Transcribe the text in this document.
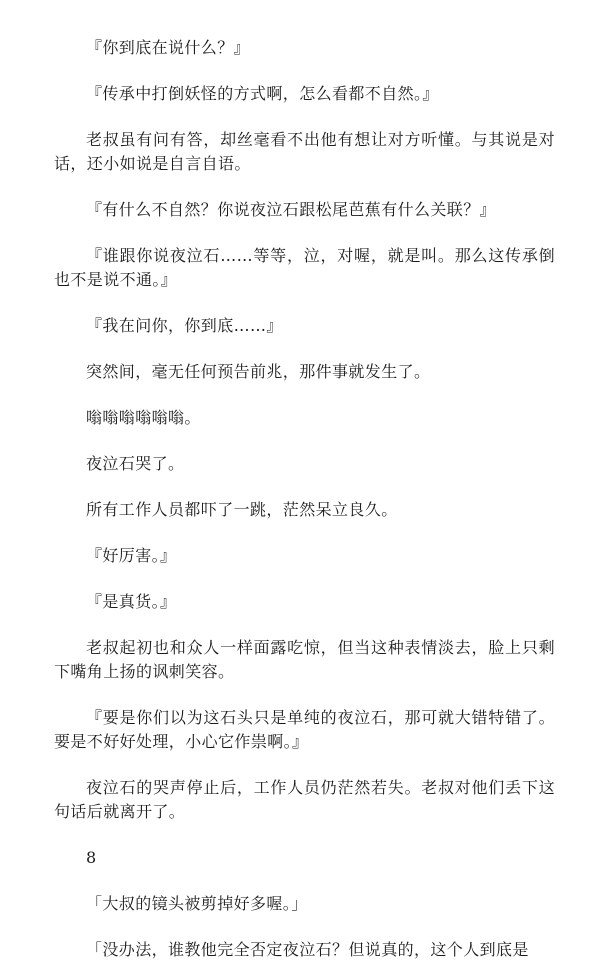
『你到底在说什么？』

『传承中打倒妖怪的方式啊，怎么看都不自然。』

老叔虽有问有答，却丝毫看不出他有想让对方听懂。与其说是对话，还小如说是自言自语。

『有什么不自然？你说夜泣石跟松尾芭蕉有什么关联？』

『谁跟你说夜泣石……等等，泣，对喔，就是叫。那么这传承倒也不是说不通。』

『我在问你，你到底……』

突然间，毫无任何预告前兆，那件事就发生了。

嗡嗡嗡嗡嗡嗡。

夜泣石哭了。

所有工作人员都吓了一跳，茫然呆立良久。

『好厉害。』

『是真货。』

老叔起初也和众人一样面露吃惊，但当这种表情淡去，脸上只剩下嘴角上扬的讽刺笑容。

『要是你们以为这石头只是单纯的夜泣石，那可就大错特错了。要是不好好处理，小心它作祟啊。』

夜泣石的哭声停止后，工作人员仍茫然若失。老叔对他们丢下这句话后就离开了。

8

「大叔的镜头被剪掉好多喔。」

「没办法，谁教他完全否定夜泣石？但说真的，这个人到底是
